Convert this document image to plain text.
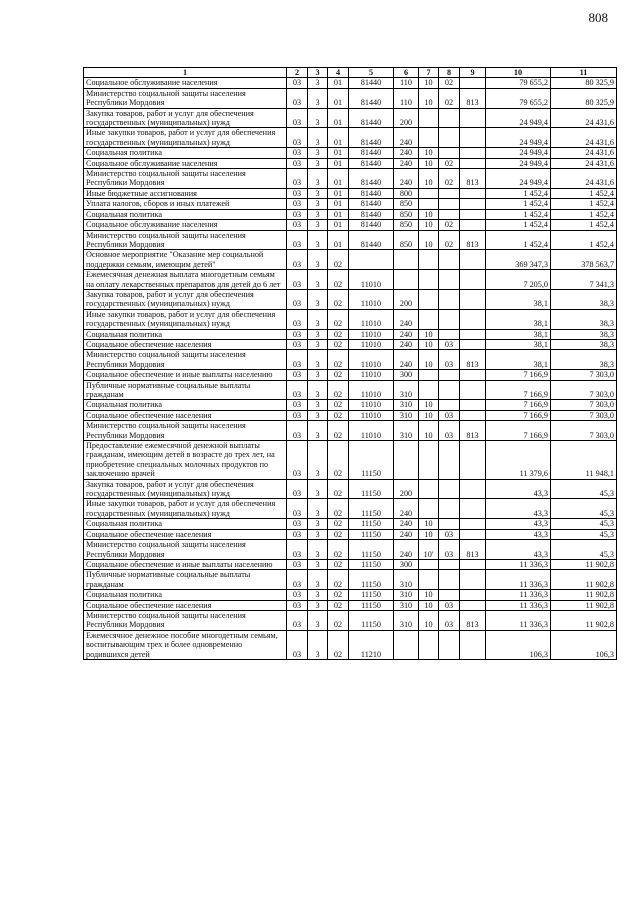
808
1	2	3	4	5	6	7	8	9	10	11
Социальное обслуживание населения	03	3	01	81440	110	10	02		79 655,2	80 325,9
Министерство социальной защиты населения Республики Мордовия	03	3	01	81440	110	10	02	813	79 655,2	80 325,9
Закупка товаров, работ и услуг для обеспечения государственных (муниципальных) нужд	03	3	01	81440	200				24 949,4	24 431,6
Иные закупки товаров, работ и услуг для обеспечения государственных (муниципальных) нужд	03	3	01	81440	240				24 949,4	24 431,6
Социальная политика	03	3	01	81440	240	10			24 949,4	24 431,6
Социальное обслуживание населения	03	3	01	81440	240	10	02		24 949,4	24 431,6
Министерство социальной защиты населения Республики Мордовия	03	3	01	81440	240	10	02	813	24 949,4	24 431,6
Иные бюджетные ассигнования	03	3	01	81440	800				1 452,4	1 452,4
Уплата налогов, сборов и иных платежей	03	3	01	81440	850				1 452,4	1 452,4
Социальная политика	03	3	01	81440	850	10			1 452,4	1 452,4
Социальное обслуживание населения	03	3	01	81440	850	10	02		1 452,4	1 452,4
Министерство социальной защиты населения Республики Мордовия	03	3	01	81440	850	10	02	813	1 452,4	1 452,4
Основное мероприятие "Оказание мер социальной поддержки семьям, имеющим детей"	03	3	02						369 347,3	378 563,7
Ежемесячная денежная выплата многодетным семьям на оплату лекарственных препаратов для детей до 6 лет	03	3	02	11010					7 205,0	7 341,3
Закупка товаров, работ и услуг для обеспечения государственных (муниципальных) нужд	03	3	02	11010	200				38,1	38,3
Иные закупки товаров, работ и услуг для обеспечения государственных (муниципальных) нужд	03	3	02	11010	240				38,1	38,3
Социальная политика	03	3	02	11010	240	10			38,1	38,3
Социальное обеспечение населения	03	3	02	11010	240	10	03		38,1	38,3
Министерство социальной защиты населения Республики Мордовия	03	3	02	11010	240	10	03	813	38,1	38,3
Социальное обеспечение и иные выплаты населению	03	3	02	11010	300				7 166,9	7 303,0
Публичные нормативные социальные выплаты гражданам	03	3	02	11010	310				7 166,9	7 303,0
Социальная политика	03	3	02	11010	310	10			7 166,9	7 303,0
Социальное обеспечение населения	03	3	02	11010	310	10	03		7 166,9	7 303,0
Министерство социальной защиты населения Республики Мордовия	03	3	02	11010	310	10	03	813	7 166,9	7 303,0
Предоставление ежемесячной денежной выплаты гражданам, имеющим детей в возрасте до трех лет, на приобретение специальных молочных продуктов по заключению врачей	03	3	02	11150					11 379,6	11 948,1
Закупка товаров, работ и услуг для обеспечения государственных (муниципальных) нужд	03	3	02	11150	200				43,3	45,3
Иные закупки товаров, работ и услуг для обеспечения государственных (муниципальных) нужд	03	3	02	11150	240				43,3	45,3
Социальная политика	03	3	02	11150	240	10			43,3	45,3
Социальное обеспечение населения	03	3	02	11150	240	10	03		43,3	45,3
Министерство социальной защиты населения Республики Мордовия	03	3	02	11150	240	10'	03	813	43,3	45,3
Социальное обеспечение и иные выплаты населению	03	3	02	11150	300				11 336,3	11 902,8
Публичные нормативные социальные выплаты гражданам	03	3	02	11150	310				11 336,3	11 902,8
Социальная политика	03	3	02	11150	310	10			11 336,3	11 902,8
Социальное обеспечение населения	03	3	02	11150	310	10	03		11 336,3	11 902,8
Министерство социальной защиты населения Республики Мордовия	03	3	02	11150	310	10	03	813	11 336,3	11 902,8
Ежемесячное денежное пособие многодетным семьям, воспитывающим трех и более одновременно родившихся детей	03	3	02	11210					106,3	106,3
